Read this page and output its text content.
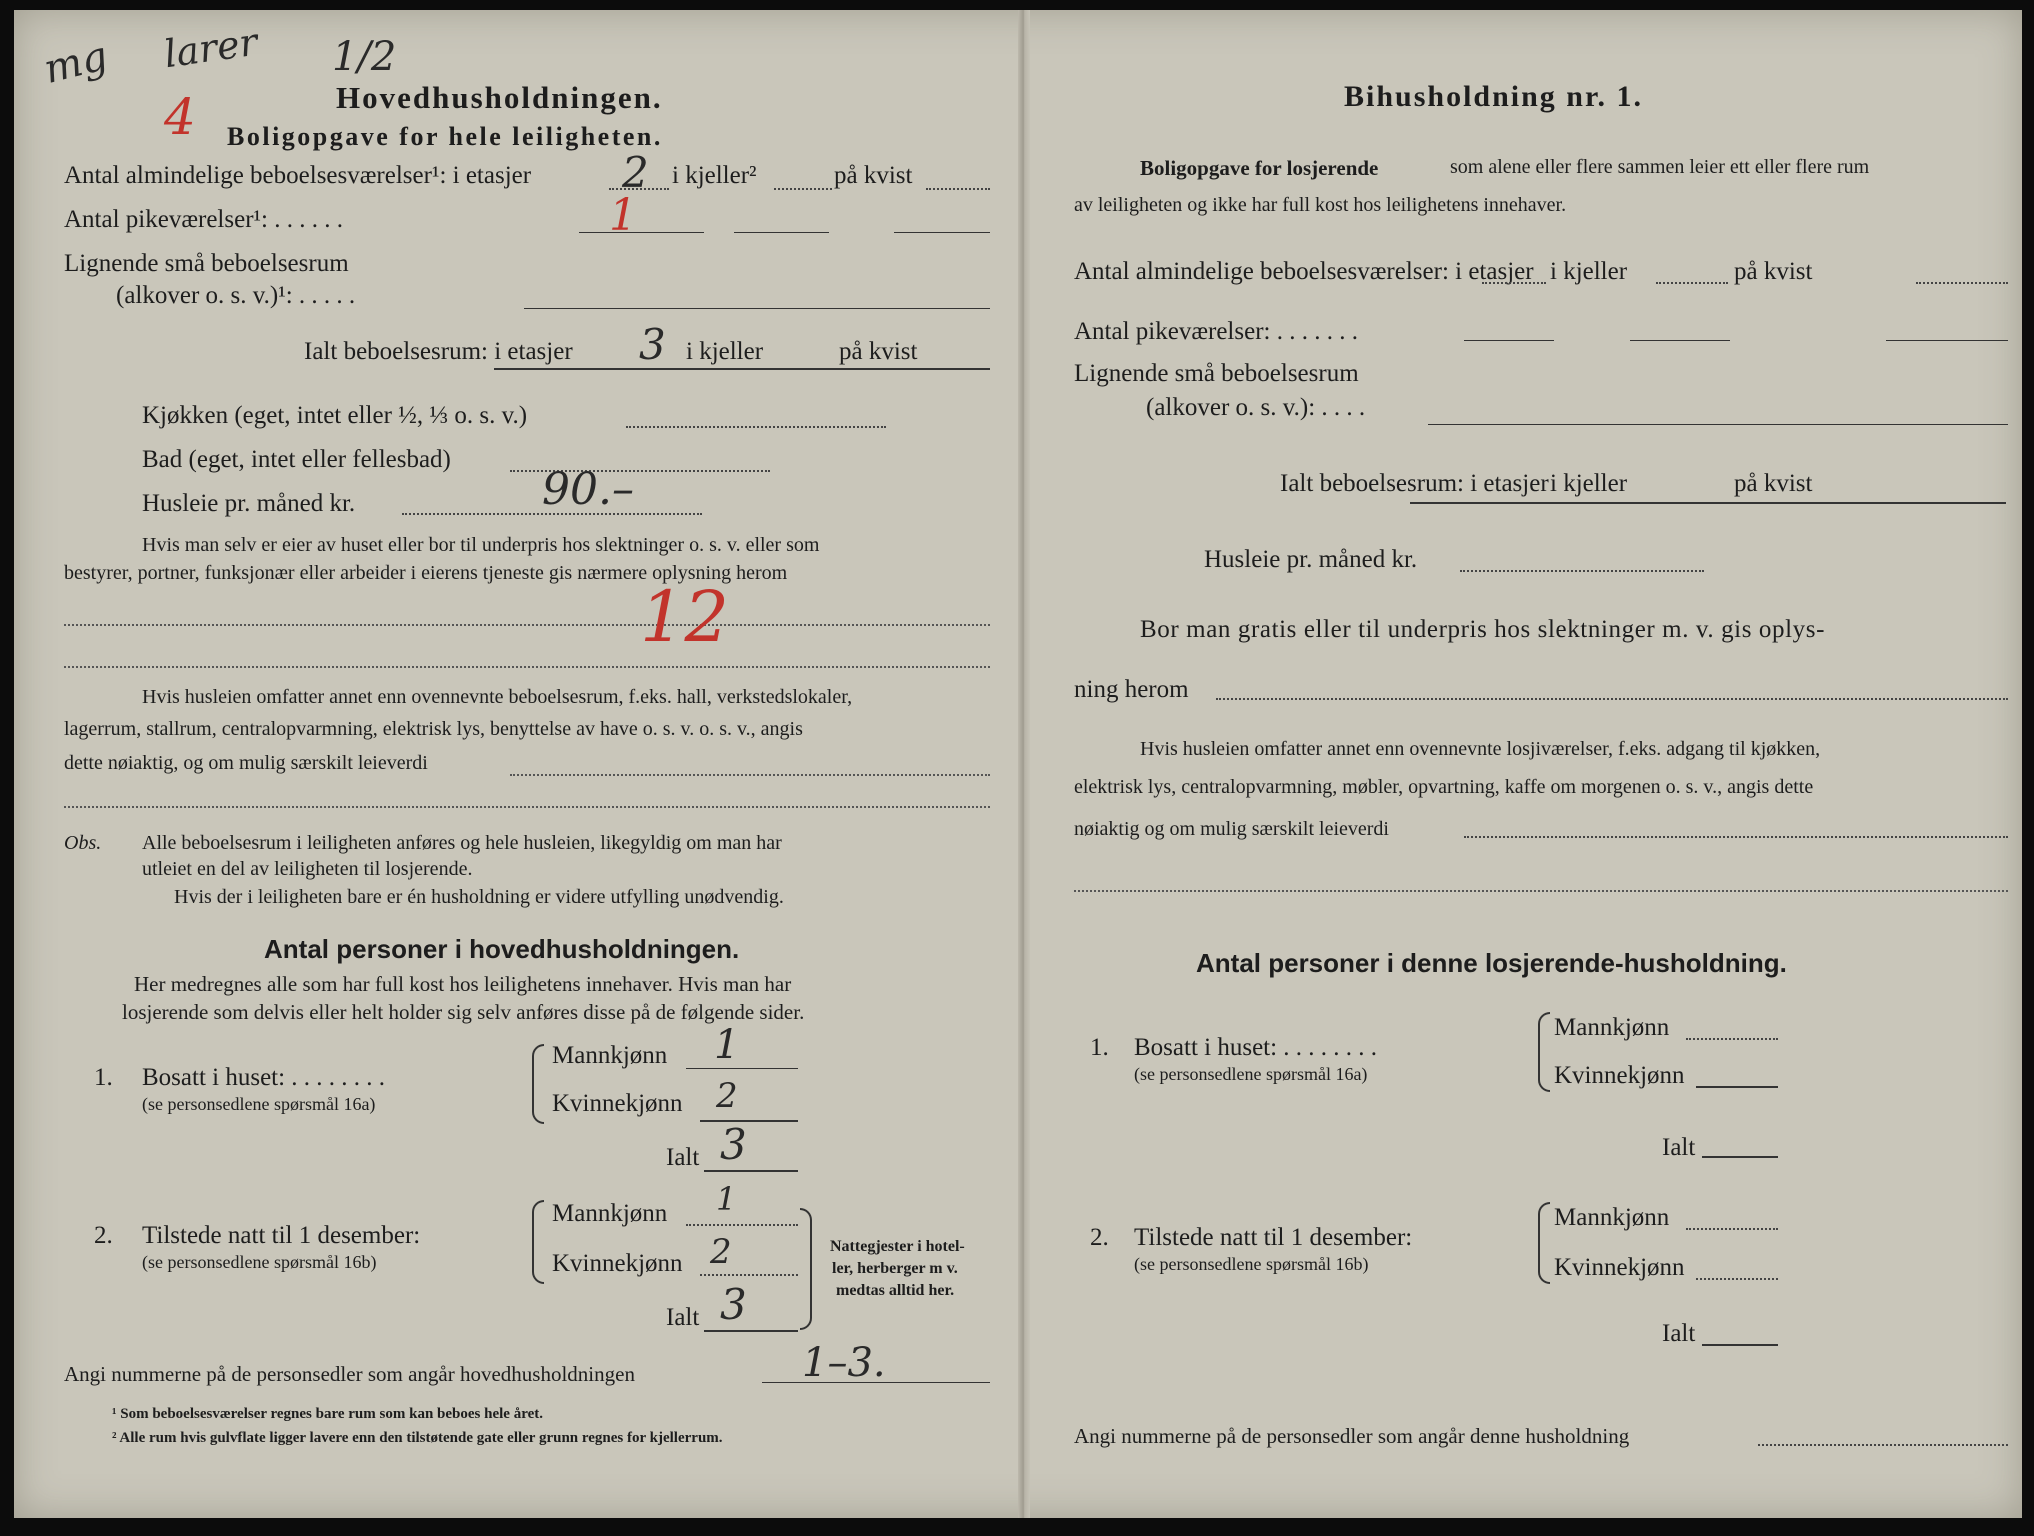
mg larer 1/2
4	Hovedhusholdningen.
Boligopgave for hele leiligheten.
Antal almindelige beboelsesværelser¹: i etasjer 2 i kjeller²	på kvist
Antal pikeværelser¹: . . . . . .	1
Lignende små beboelsesrum
(alkover o. s. v.)¹: . . . . .
Ialt beboelsesrum: i etasjer 3 i kjeller	på kvist
Kjøkken (eget, intet eller ½, ⅓ o. s. v.)
Bad (eget, intet eller fellesbad)
Husleie pr. måned kr.	90.–
Hvis man selv er eier av huset eller bor til underpris hos slektninger o. s. v. eller som
bestyrer, portner, funksjonær eller arbeider i eierens tjeneste gis nærmere oplysning herom
12
Hvis husleien omfatter annet enn ovennevnte beboelsesrum, f.eks. hall, verkstedslokaler,
lagerrum, stallrum, centralopvarmning, elektrisk lys, benyttelse av have o. s. v. o. s. v., angis
dette nøiaktig, og om mulig særskilt leieverdi
Obs. Alle beboelsesrum i leiligheten anføres og hele husleien, likegyldig om man har
utleiet en del av leiligheten til losjerende.
Hvis der i leiligheten bare er én husholdning er videre utfylling unødvendig.
Antal personer i hovedhusholdningen.
Her medregnes alle som har full kost hos leilighetens innehaver. Hvis man har
losjerende som delvis eller helt holder sig selv anføres disse på de følgende sider.
1. Bosatt i huset: . . . . . . . .
(se personsedlene spørsmål 16a)
Mannkjønn 1
Kvinnekjønn 2
Ialt 3
2. Tilstede natt til 1 desember:
(se personsedlene spørsmål 16b)
Mannkjønn 1
Kvinnekjønn 2
Ialt 3
Nattegjester i hotel-
ler, herberger m v.
medtas alltid her.
Angi nummerne på de personsedler som angår hovedhusholdningen	1–3.
¹ Som beboelsesværelser regnes bare rum som kan beboes hele året.
² Alle rum hvis gulvflate ligger lavere enn den tilstøtende gate eller grunn regnes for kjellerrum.
Bihusholdning nr. 1.
Boligopgave for losjerende	som alene eller flere sammen leier ett eller flere rum
av leiligheten og ikke har full kost hos leilighetens innehaver.
Antal almindelige beboelsesværelser: i etasjer i kjeller	på kvist
Antal pikeværelser: . . . . . . .
Lignende små beboelsesrum
(alkover o. s. v.): . . . .
Ialt beboelsesrum: i etasjer i kjeller	på kvist
Husleie pr. måned kr.
Bor man gratis eller til underpris hos slektninger m. v. gis oplys-
ning herom
Hvis husleien omfatter annet enn ovennevnte losjiværelser, f.eks. adgang til kjøkken,
elektrisk lys, centralopvarmning, møbler, opvartning, kaffe om morgenen o. s. v., angis dette
nøiaktig og om mulig særskilt leieverdi
Antal personer i denne losjerende-husholdning.
1. Bosatt i huset: . . . . . . . .
(se personsedlene spørsmål 16a)
Mannkjønn
Kvinnekjønn
Ialt
2. Tilstede natt til 1 desember:
(se personsedlene spørsmål 16b)
Mannkjønn
Kvinnekjønn
Ialt
Angi nummerne på de personsedler som angår denne husholdning
